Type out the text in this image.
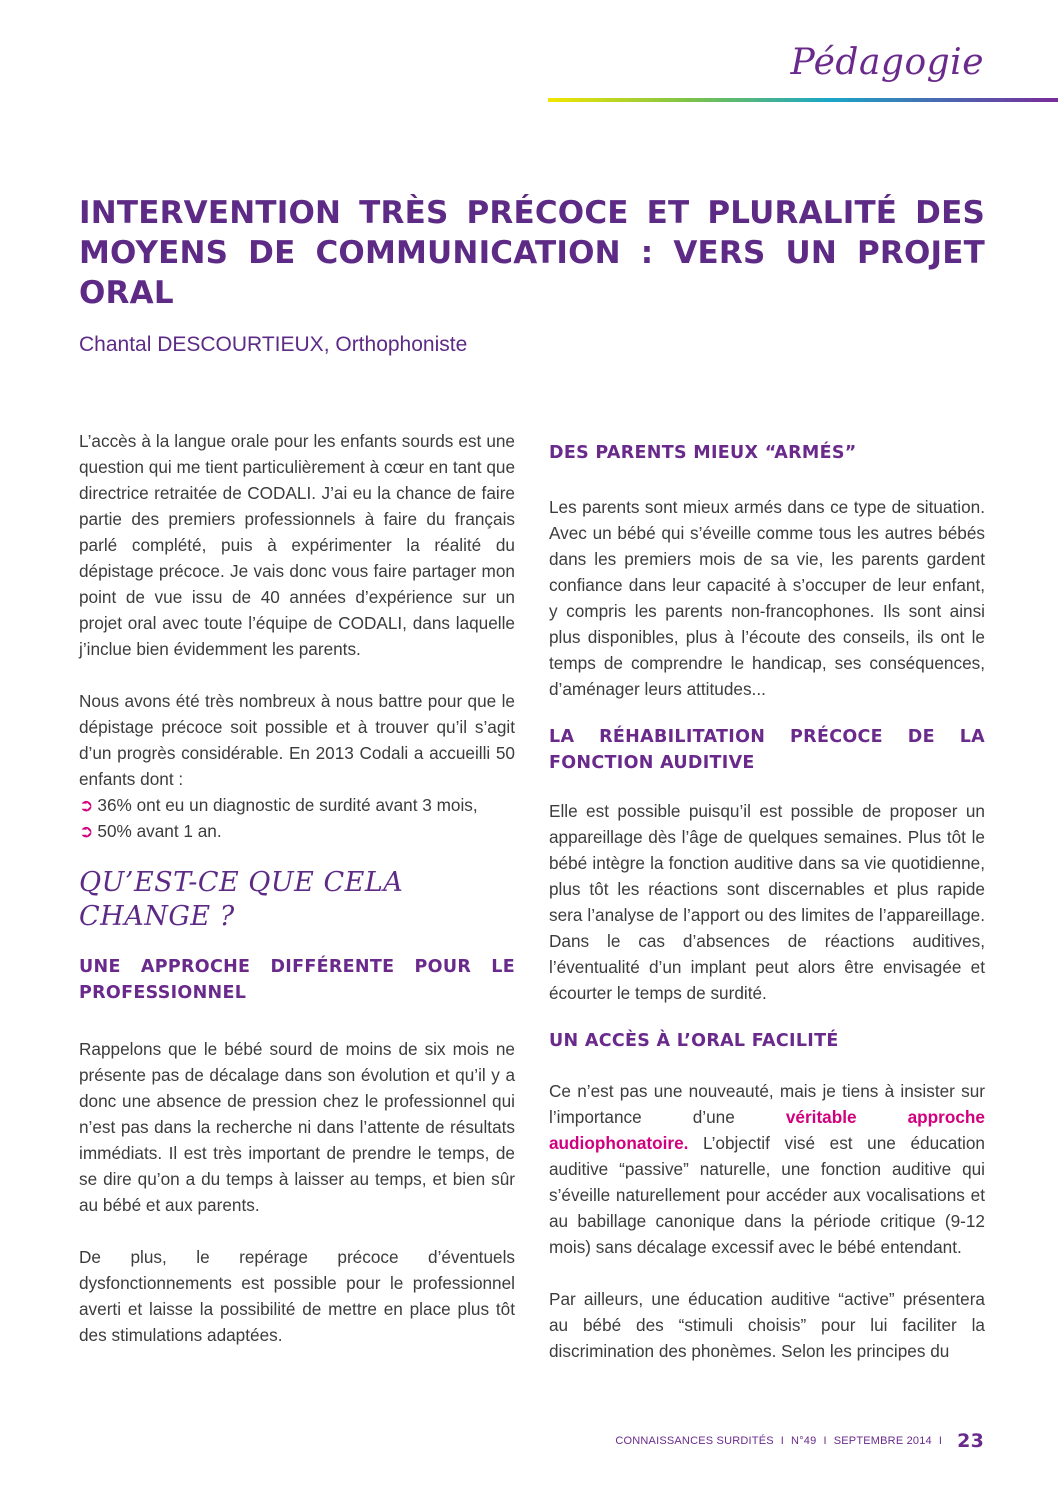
Pédagogie
INTERVENTION TRÈS PRÉCOCE ET PLURALITÉ DES MOYENS DE COMMUNICATION : VERS UN PROJET ORAL
Chantal DESCOURTIEUX, Orthophoniste

L’accès à la langue orale pour les enfants sourds est une question qui me tient particulièrement à cœur en tant que directrice retraitée de CODALI. J’ai eu la chance de faire partie des premiers professionnels à faire du français parlé complété, puis à expérimenter la réalité du dépistage précoce. Je vais donc vous faire partager mon point de vue issu de 40 années d’expérience sur un projet oral avec toute l’équipe de CODALI, dans laquelle j’inclue bien évidemment les parents.

Nous avons été très nombreux à nous battre pour que le dépistage précoce soit possible et à trouver qu’il s’agit d’un progrès considérable. En 2013 Codali a accueilli 50 enfants dont :

➲ 36% ont eu un diagnostic de surdité avant 3 mois,
➲ 50% avant 1 an.
QU’EST-CE QUE CELA
CHANGE ?
UNE APPROCHE DIFFÉRENTE POUR LE PROFESSIONNEL

Rappelons que le bébé sourd de moins de six mois ne présente pas de décalage dans son évolution et qu’il y a donc une absence de pression chez le professionnel qui n’est pas dans la recherche ni dans l’attente de résultats immédiats. Il est très important de prendre le temps, de se dire qu’on a du temps à laisser au temps, et bien sûr au bébé et aux parents.

De plus, le repérage précoce d’éventuels dysfonctionnements est possible pour le professionnel averti et laisse la possibilité de mettre en place plus tôt des stimulations adaptées.

DES PARENTS MIEUX “ARMÉS”

Les parents sont mieux armés dans ce type de situation. Avec un bébé qui s’éveille comme tous les autres bébés dans les premiers mois de sa vie, les parents gardent confiance dans leur capacité à s’occuper de leur enfant, y compris les parents non-francophones. Ils sont ainsi plus disponibles, plus à l’écoute des conseils, ils ont le temps de comprendre le handicap, ses conséquences, d’aménager leurs attitudes...

LA RÉHABILITATION PRÉCOCE DE LA FONCTION AUDITIVE

Elle est possible puisqu’il est possible de proposer un appareillage dès l’âge de quelques semaines. Plus tôt le bébé intègre la fonction auditive dans sa vie quotidienne, plus tôt les réactions sont discernables et plus rapide sera l’analyse de l’apport ou des limites de l’appareillage. Dans le cas d’absences de réactions auditives, l’éventualité d’un implant peut alors être envisagée et écourter le temps de surdité.

UN ACCÈS À L’ORAL FACILITÉ

Ce n’est pas une nouveauté, mais je tiens à insister sur l’importance d’une véritable approche audiophonatoire. L’objectif visé est une éducation auditive “passive” naturelle, une fonction auditive qui s’éveille naturellement pour accéder aux vocalisations et au babillage canonique dans la période critique (9-12 mois) sans décalage excessif avec le bébé entendant.

Par ailleurs, une éducation auditive “active” présentera au bébé des “stimuli choisis” pour lui faciliter la discrimination des phonèmes. Selon les principes du

CONNAISSANCES SURDITÉS I N°49 I SEPTEMBRE 2014 I 23
